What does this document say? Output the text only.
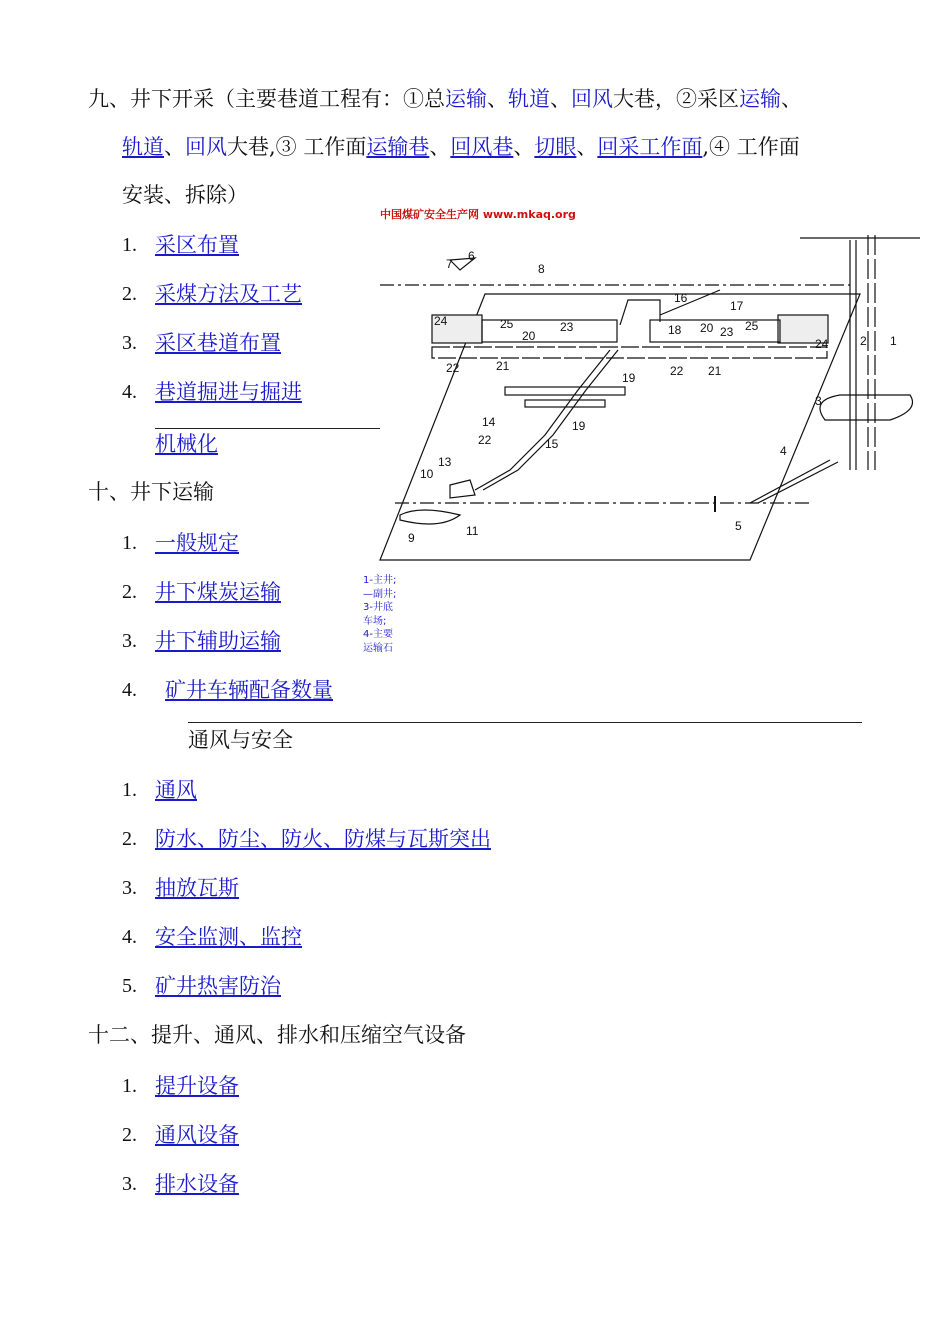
九、井下开采（主要巷道工程有：①总运输、轨道、回风大巷，②采区运输、
轨道、回风大巷,③ 工作面运输巷、回风巷、切眼、回采工作面,④ 工作面
安装、拆除）
1. 采区布置
2. 采煤方法及工艺
3. 采区巷道布置
4. 巷道掘进与掘进
机械化
十、井下运输
1. 一般规定
2. 井下煤炭运输
3. 井下辅助运输
4. 矿井车辆配备数量
通风与安全
1. 通风
2. 防水、防尘、防火、防煤与瓦斯突出
3. 抽放瓦斯
4. 安全监测、监控
5. 矿井热害防治
十二、提升、通风、排水和压缩空气设备
1. 提升设备
2. 通风设备
3. 排水设备
中国煤矿安全生产网 www.mkaq.org
1
2
3
4
5
6
7	8
9
10
11
13
14
15
16
17
18
19
19
20
20
21	21
22	22
22
23	23
24
24
25	25
1-主井;
—副井;
3-井底
车场;
4-主要
运输石
